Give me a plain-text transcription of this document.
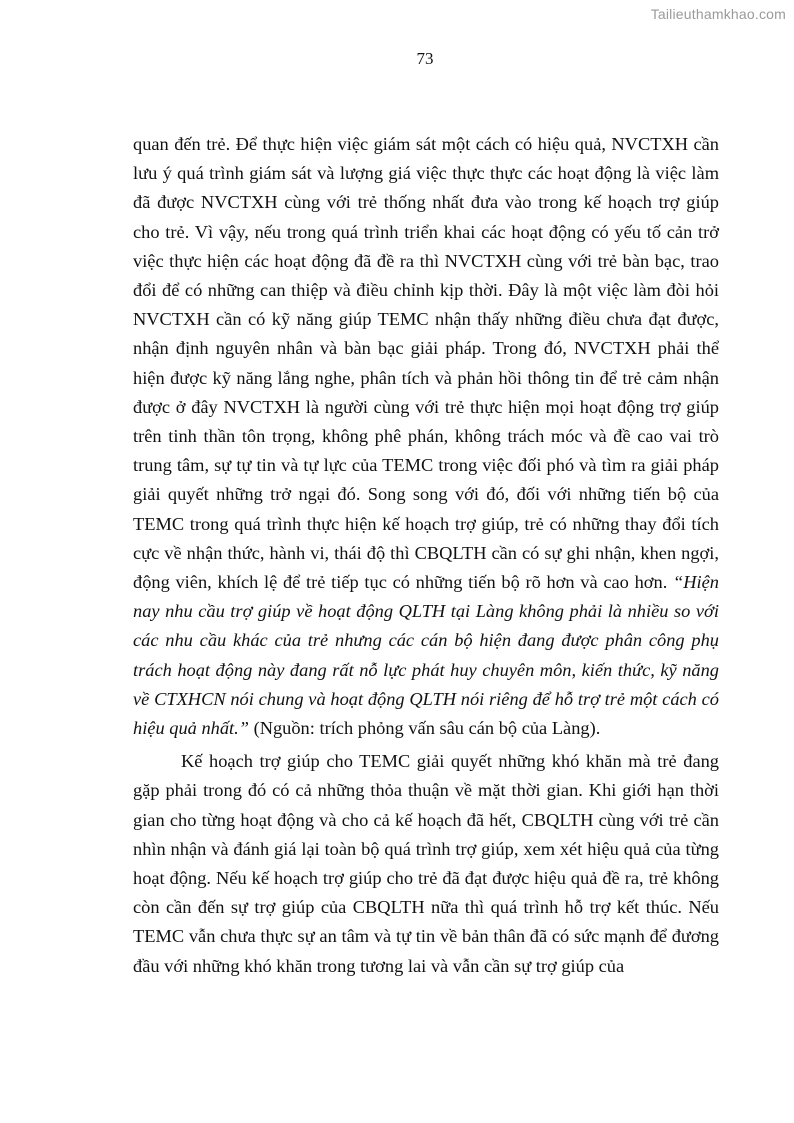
Tailieuthamkhao.com
73

quan đến trẻ. Để thực hiện việc giám sát một cách có hiệu quả, NVCTXH cần lưu ý quá trình giám sát và lượng giá việc thực thực các hoạt động là việc làm đã được NVCTXH cùng với trẻ thống nhất đưa vào trong kế hoạch trợ giúp cho trẻ. Vì vậy, nếu trong quá trình triển khai các hoạt động có yếu tố cản trở việc thực hiện các hoạt động đã đề ra thì NVCTXH cùng với trẻ bàn bạc, trao đổi để có những can thiệp và điều chỉnh kịp thời. Đây là một việc làm đòi hỏi NVCTXH cần có kỹ năng giúp TEMC nhận thấy những điều chưa đạt được, nhận định nguyên nhân và bàn bạc giải pháp. Trong đó, NVCTXH phải thể hiện được kỹ năng lắng nghe, phân tích và phản hồi thông tin để trẻ cảm nhận được ở đây NVCTXH là người cùng với trẻ thực hiện mọi hoạt động trợ giúp trên tinh thần tôn trọng, không phê phán, không trách móc và đề cao vai trò trung tâm, sự tự tin và tự lực của TEMC trong việc đối phó và tìm ra giải pháp giải quyết những trở ngại đó. Song song với đó, đối với những tiến bộ của TEMC trong quá trình thực hiện kế hoạch trợ giúp, trẻ có những thay đổi tích cực về nhận thức, hành vi, thái độ thì CBQLTH cần có sự ghi nhận, khen ngợi, động viên, khích lệ để trẻ tiếp tục có những tiến bộ rõ hơn và cao hơn. “Hiện nay nhu cầu trợ giúp về hoạt động QLTH tại Làng không phải là nhiều so với các nhu cầu khác của trẻ nhưng các cán bộ hiện đang được phân công phụ trách hoạt động này đang rất nỗ lực phát huy chuyên môn, kiến thức, kỹ năng về CTXHCN nói chung và hoạt động QLTH nói riêng để hỗ trợ trẻ một cách có hiệu quả nhất.” (Nguồn: trích phỏng vấn sâu cán bộ của Làng).

Kế hoạch trợ giúp cho TEMC giải quyết những khó khăn mà trẻ đang gặp phải trong đó có cả những thỏa thuận về mặt thời gian. Khi giới hạn thời gian cho từng hoạt động và cho cả kế hoạch đã hết, CBQLTH cùng với trẻ cần nhìn nhận và đánh giá lại toàn bộ quá trình trợ giúp, xem xét hiệu quả của từng hoạt động. Nếu kế hoạch trợ giúp cho trẻ đã đạt được hiệu quả đề ra, trẻ không còn cần đến sự trợ giúp của CBQLTH nữa thì quá trình hỗ trợ kết thúc. Nếu TEMC vẫn chưa thực sự an tâm và tự tin về bản thân đã có sức mạnh để đương đầu với những khó khăn trong tương lai và vẫn cần sự trợ giúp của
